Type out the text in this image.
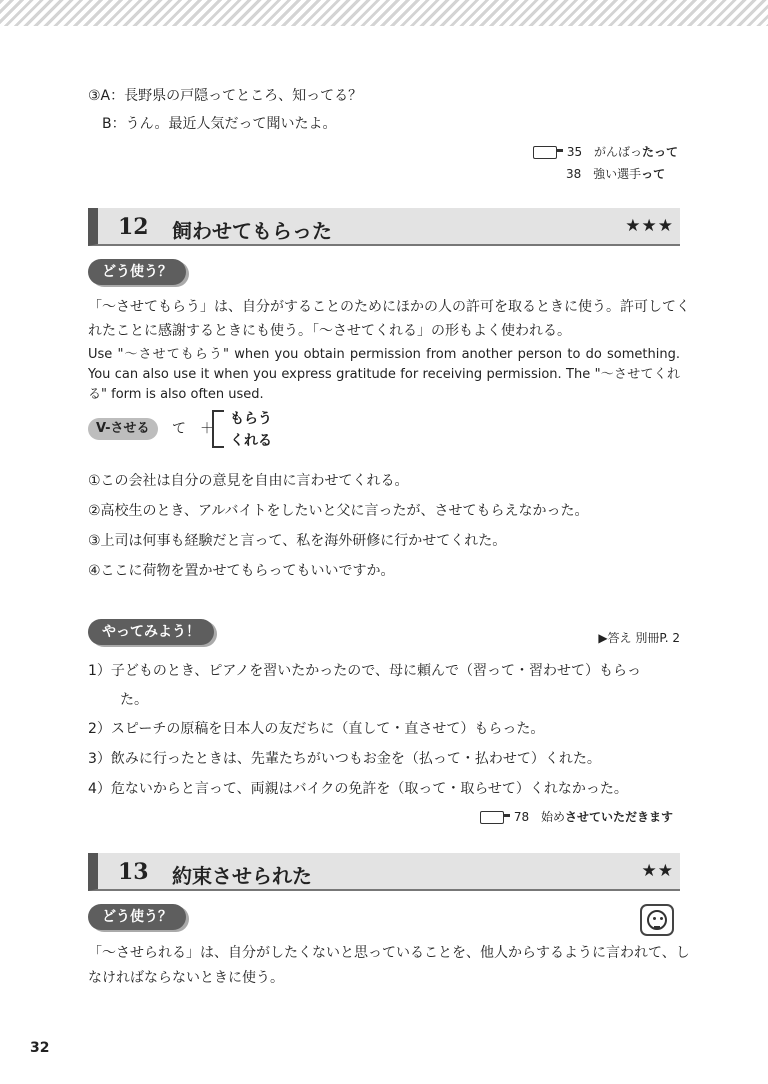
③A：長野県の戸隠ってところ、知ってる？
B：うん。最近人気だって聞いたよ。
35 がんばったって
38 強い選手って
12 飼わせてもらった	★★★
どう使う？
「～させてもらう」は、自分がすることのためにほかの人の許可を取るときに使う。許可してく
れたことに感謝するときにも使う。「～させてくれる」の形もよく使われる。
Use "～させてもらう" when you obtain permission from another person to do something. You can also use it when you express gratitude for receiving permission. The "～させてくれる" form is also often used.
V-させる	て　＋
もらう
くれる
①この会社は自分の意見を自由に言わせてくれる。
②高校生のとき、アルバイトをしたいと父に言ったが、させてもらえなかった。
③上司は何事も経験だと言って、私を海外研修に行かせてくれた。
④ここに荷物を置かせてもらってもいいですか。
やってみよう！	▶答え 別冊P. 2
1）子どものとき、ピアノを習いたかったので、母に頼んで（習って・習わせて）もらっ
た。
2）スピーチの原稿を日本人の友だちに（直して・直させて）もらった。
3）飲みに行ったときは、先輩たちがいつもお金を（払って・払わせて）くれた。
4）危ないからと言って、両親はバイクの免許を（取って・取らせて）くれなかった。
78 始めさせていただきます
13 約束させられた	★★
どう使う？
「～させられる」は、自分がしたくないと思っていることを、他人からするように言われて、し
なければならないときに使う。
32
